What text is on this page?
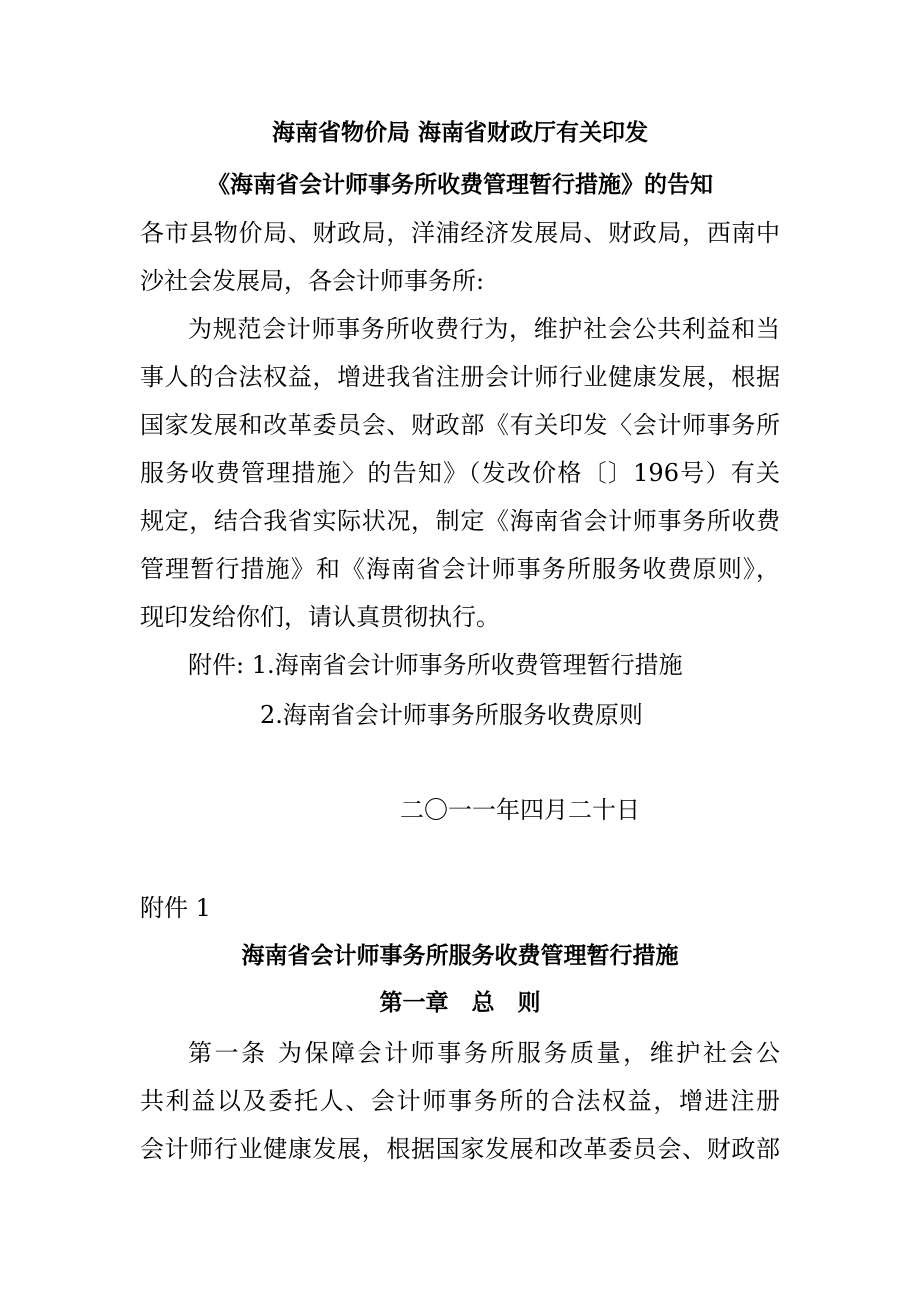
海南省物价局 海南省财政厅有关印发
《海南省会计师事务所收费管理暂行措施》的告知
各市县物价局、财政局，洋浦经济发展局、财政局，西南中
沙社会发展局，各会计师事务所:
为规范会计师事务所收费行为，维护社会公共利益和当
事人的合法权益，增进我省注册会计师行业健康发展，根据
国家发展和改革委员会、财政部《有关印发〈会计师事务所
服务收费管理措施〉的告知》（发改价格〔〕196号）有关
规定，结合我省实际状况，制定《海南省会计师事务所收费
管理暂行措施》和《海南省会计师事务所服务收费原则》，
现印发给你们，请认真贯彻执行。
附件: 1.海南省会计师事务所收费管理暂行措施
2.海南省会计师事务所服务收费原则
二〇一一年四月二十日
附件 1
海南省会计师事务所服务收费管理暂行措施
第一章　总　则
第一条 为保障会计师事务所服务质量，维护社会公
共利益以及委托人、会计师事务所的合法权益，增进注册
会计师行业健康发展，根据国家发展和改革委员会、财政部
